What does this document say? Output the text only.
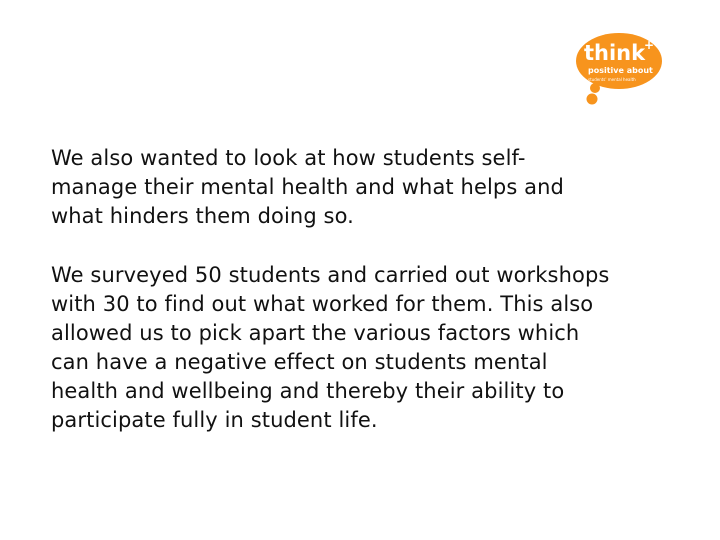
think
+
positive about
students' mental health

We also wanted to look at how students self-manage their mental health and what helps and what hinders them doing so.

We surveyed 50 students and carried out workshops with 30 to find out what worked for them. This also allowed us to pick apart the various factors which can have a negative effect on students mental health and wellbeing and thereby their ability to participate fully in student life.
